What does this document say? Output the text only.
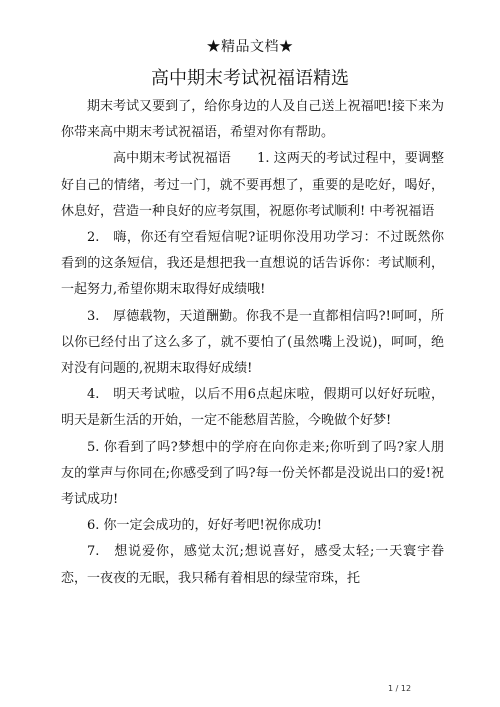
★精品文档★
高中期末考试祝福语精选

期末考试又要到了，给你身边的人及自己送上祝福吧!接下来为你带来高中期末考试祝福语，希望对你有帮助。

高中期末考试祝福语　　1. 这两天的考试过程中，要调整好自己的情绪，考过一门，就不要再想了，重要的是吃好，喝好，休息好，营造一种良好的应考氛围，祝愿你考试顺利! 中考祝福语

2.　嗨，你还有空看短信呢?证明你没用功学习：不过既然你看到的这条短信，我还是想把我一直想说的话告诉你：考试顺利，一起努力,希望你期末取得好成绩哦!

3.　厚德载物，天道酬勤。你我不是一直都相信吗?!呵呵，所以你已经付出了这么多了，就不要怕了(虽然嘴上没说)，呵呵，绝对没有问题的,祝期末取得好成绩!

4.　明天考试啦，以后不用6点起床啦，假期可以好好玩啦，明天是新生活的开始，一定不能愁眉苦脸，今晚做个好梦!

5. 你看到了吗?梦想中的学府在向你走来;你听到了吗?家人朋友的掌声与你同在;你感受到了吗?每一份关怀都是没说出口的爱!祝考试成功!

6. 你一定会成功的，好好考吧!祝你成功!

7.　想说爱你，感觉太沉;想说喜好，感受太轻;一天寰宇眷恋，一夜夜的无眠，我只稀有着相思的绿莹帘珠，托

1 / 12
